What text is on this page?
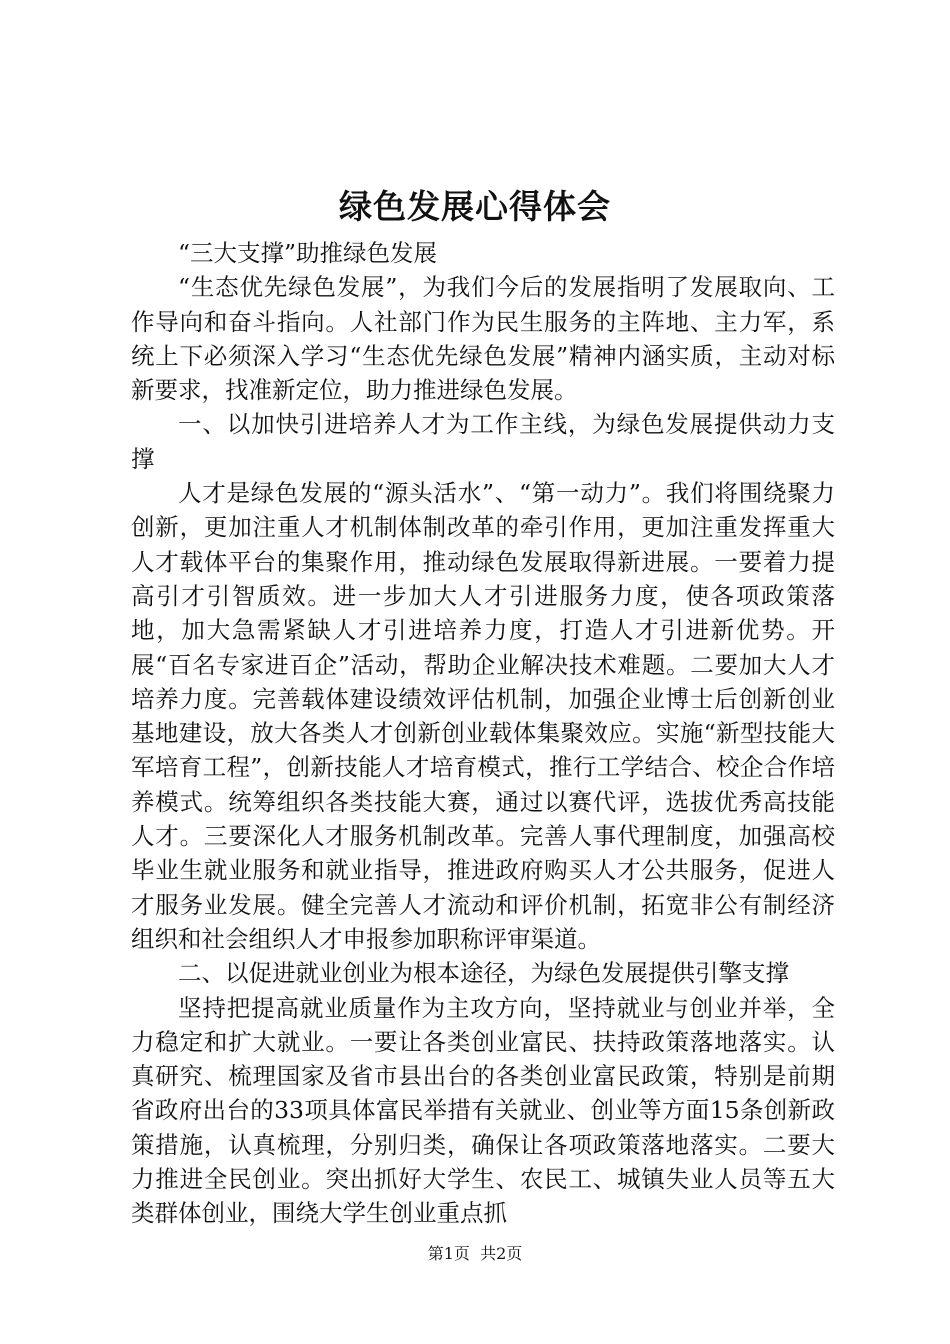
绿色发展心得体会

“三大支撑”助推绿色发展

“生态优先绿色发展”，为我们今后的发展指明了发展取向、工作导向和奋斗指向。人社部门作为民生服务的主阵地、主力军，系统上下必须深入学习“生态优先绿色发展”精神内涵实质，主动对标新要求，找准新定位，助力推进绿色发展。

一、以加快引进培养人才为工作主线，为绿色发展提供动力支撑

人才是绿色发展的“源头活水”、“第一动力”。我们将围绕聚力创新，更加注重人才机制体制改革的牵引作用，更加注重发挥重大人才载体平台的集聚作用，推动绿色发展取得新进展。一要着力提高引才引智质效。进一步加大人才引进服务力度，使各项政策落地，加大急需紧缺人才引进培养力度，打造人才引进新优势。开展“百名专家进百企”活动，帮助企业解决技术难题。二要加大人才培养力度。完善载体建设绩效评估机制，加强企业博士后创新创业基地建设，放大各类人才创新创业载体集聚效应。实施“新型技能大军培育工程”，创新技能人才培育模式，推行工学结合、校企合作培养模式。统筹组织各类技能大赛，通过以赛代评，选拔优秀高技能人才。三要深化人才服务机制改革。完善人事代理制度，加强高校毕业生就业服务和就业指导，推进政府购买人才公共服务，促进人才服务业发展。健全完善人才流动和评价机制，拓宽非公有制经济组织和社会组织人才申报参加职称评审渠道。

二、以促进就业创业为根本途径，为绿色发展提供引擎支撑

坚持把提高就业质量作为主攻方向，坚持就业与创业并举，全力稳定和扩大就业。一要让各类创业富民、扶持政策落地落实。认真研究、梳理国家及省市县出台的各类创业富民政策，特别是前期省政府出台的33项具体富民举措有关就业、创业等方面15条创新政策措施，认真梳理，分别归类，确保让各项政策落地落实。二要大力推进全民创业。突出抓好大学生、农民工、城镇失业人员等五大类群体创业，围绕大学生创业重点抓

第1页 共2页
